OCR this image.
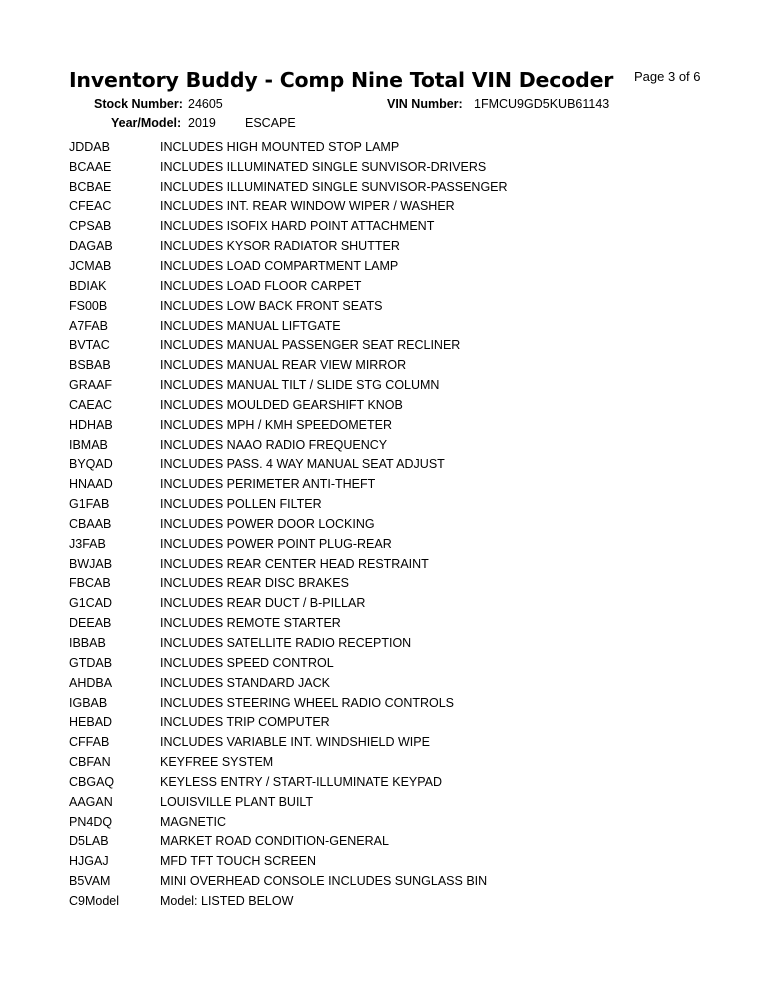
Inventory Buddy - Comp Nine Total VIN Decoder Page 3 of 6
Stock Number: 24605	VIN Number: 1FMCU9GD5KUB61143
Year/Model: 2019 ESCAPE
JDDAB	INCLUDES HIGH MOUNTED STOP LAMP
BCAAE	INCLUDES ILLUMINATED SINGLE SUNVISOR-DRIVERS
BCBAE	INCLUDES ILLUMINATED SINGLE SUNVISOR-PASSENGER
CFEAC	INCLUDES INT. REAR WINDOW WIPER / WASHER
CPSAB	INCLUDES ISOFIX HARD POINT ATTACHMENT
DAGAB	INCLUDES KYSOR RADIATOR SHUTTER
JCMAB	INCLUDES LOAD COMPARTMENT LAMP
BDIAK	INCLUDES LOAD FLOOR CARPET
FS00B	INCLUDES LOW BACK FRONT SEATS
A7FAB	INCLUDES MANUAL LIFTGATE
BVTAC	INCLUDES MANUAL PASSENGER SEAT RECLINER
BSBAB	INCLUDES MANUAL REAR VIEW MIRROR
GRAAF	INCLUDES MANUAL TILT / SLIDE STG COLUMN
CAEAC	INCLUDES MOULDED GEARSHIFT KNOB
HDHAB	INCLUDES MPH / KMH SPEEDOMETER
IBMAB	INCLUDES NAAO RADIO FREQUENCY
BYQAD	INCLUDES PASS. 4 WAY MANUAL SEAT ADJUST
HNAAD	INCLUDES PERIMETER ANTI-THEFT
G1FAB	INCLUDES POLLEN FILTER
CBAAB	INCLUDES POWER DOOR LOCKING
J3FAB	INCLUDES POWER POINT PLUG-REAR
BWJAB	INCLUDES REAR CENTER HEAD RESTRAINT
FBCAB	INCLUDES REAR DISC BRAKES
G1CAD	INCLUDES REAR DUCT / B-PILLAR
DEEAB	INCLUDES REMOTE STARTER
IBBAB	INCLUDES SATELLITE RADIO RECEPTION
GTDAB	INCLUDES SPEED CONTROL
AHDBA	INCLUDES STANDARD JACK
IGBAB	INCLUDES STEERING WHEEL RADIO CONTROLS
HEBAD	INCLUDES TRIP COMPUTER
CFFAB	INCLUDES VARIABLE INT. WINDSHIELD WIPE
CBFAN	KEYFREE SYSTEM
CBGAQ	KEYLESS ENTRY / START-ILLUMINATE KEYPAD
AAGAN	LOUISVILLE PLANT BUILT
PN4DQ	MAGNETIC
D5LAB	MARKET ROAD CONDITION-GENERAL
HJGAJ	MFD TFT TOUCH SCREEN
B5VAM	MINI OVERHEAD CONSOLE INCLUDES SUNGLASS BIN
C9Model	Model: LISTED BELOW
